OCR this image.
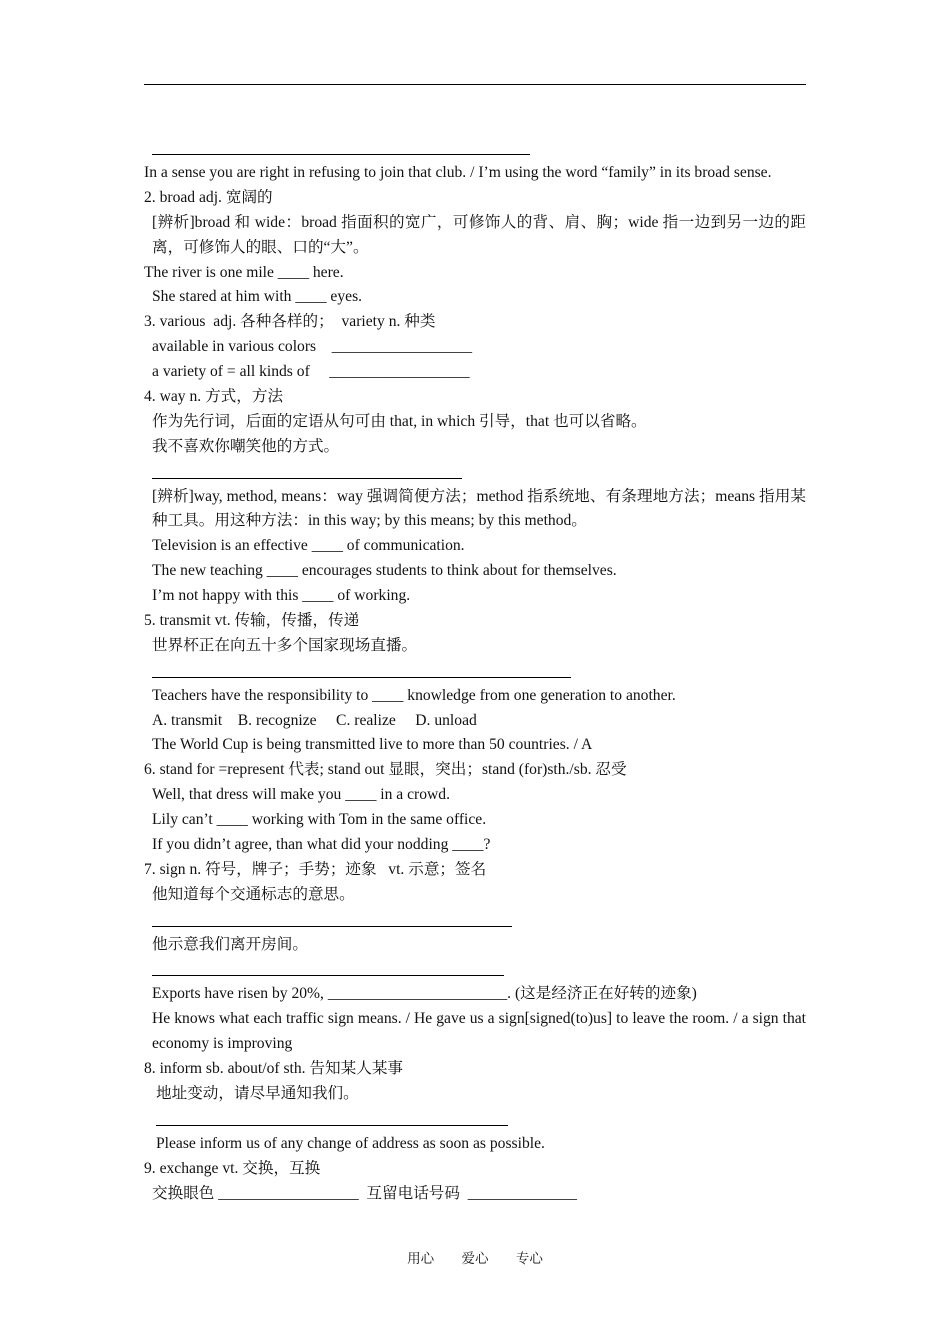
In a sense you are right in refusing to join that club. / I’m using the word “family” in its broad sense.
2. broad adj. 宽阔的
[辨析]broad 和 wide：broad 指面积的宽广，可修饰人的背、肩、胸；wide 指一边到另一边的距离，可修饰人的眼、口的“大”。
The river is one mile ____ here.
She stared at him with ____ eyes.
3. various  adj. 各种各样的；  variety n. 种类
available in various colors    __________________
a variety of = all kinds of     __________________
4. way n. 方式，方法
作为先行词，后面的定语从句可由 that, in which 引导，that 也可以省略。
我不喜欢你嘲笑他的方式。
[辨析]way, method, means：way 强调简便方法；method 指系统地、有条理地方法；means 指用某种工具。用这种方法：in this way; by this means; by this method。
Television is an effective ____ of communication.
The new teaching ____ encourages students to think about for themselves.
I’m not happy with this ____ of working.
5. transmit vt. 传输，传播，传递
世界杯正在向五十多个国家现场直播。
Teachers have the responsibility to ____ knowledge from one generation to another.
A. transmit    B. recognize     C. realize     D. unload
The World Cup is being transmitted live to more than 50 countries. / A
6. stand for =represent 代表; stand out 显眼，突出；stand (for)sth./sb. 忍受
Well, that dress will make you ____ in a crowd.
Lily can’t ____ working with Tom in the same office.
If you didn’t agree, than what did your nodding ____?
7. sign n. 符号，牌子；手势；迹象   vt. 示意；签名
他知道每个交通标志的意思。
他示意我们离开房间。
Exports have risen by 20%, _______________________. (这是经济正在好转的迹象)
He knows what each traffic sign means. / He gave us a sign[signed(to)us] to leave the room. / a sign that economy is improving
8. inform sb. about/of sth. 告知某人某事
地址变动，请尽早通知我们。
Please inform us of any change of address as soon as possible.
9. exchange vt. 交换，互换
交换眼色 __________________  互留电话号码  ______________
用心 爱心 专心
